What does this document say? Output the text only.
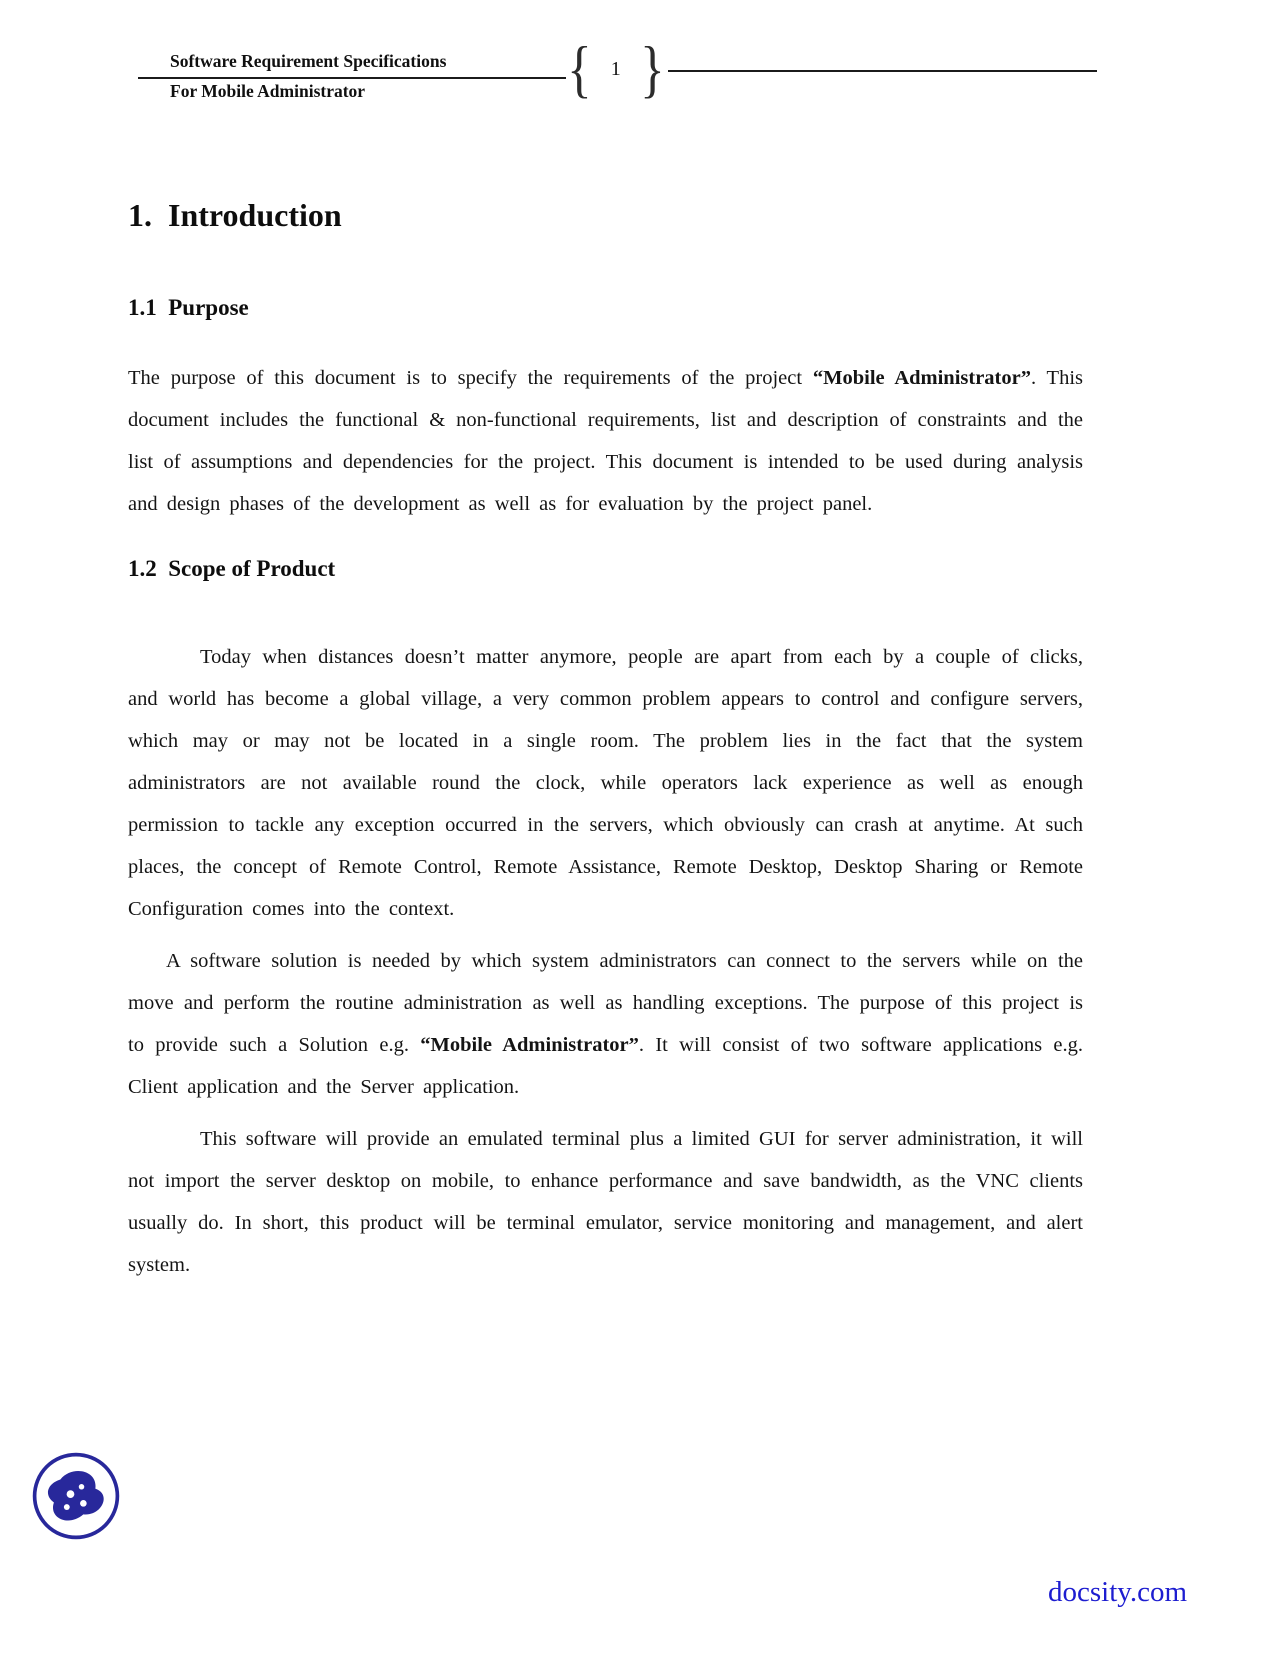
Software Requirement Specifications
For Mobile Administrator	{ 1 }
1.  Introduction
1.1  Purpose

The purpose of this document is to specify the requirements of the project “Mobile Administrator”. This document includes the functional & non-functional requirements, list and description of constraints and the list of assumptions and dependencies for the project. This document is intended to be used during analysis and design phases of the development as well as for evaluation by the project panel.

1.2  Scope of Product

Today when distances doesn’t matter anymore, people are apart from each by a couple of clicks, and world has become a global village, a very common problem appears to control and configure servers, which may or may not be located in a single room. The problem lies in the fact that the system administrators are not available round the clock, while operators lack experience as well as enough permission to tackle any exception occurred in the servers, which obviously can crash at anytime. At such places, the concept of Remote Control, Remote Assistance, Remote Desktop, Desktop Sharing or Remote Configuration comes into the context.

A software solution is needed by which system administrators can connect to the servers while on the move and perform the routine administration as well as handling exceptions. The purpose of this project is to provide such a Solution e.g. “Mobile Administrator”. It will consist of two software applications e.g. Client application and the Server application.

This software will provide an emulated terminal plus a limited GUI for server administration, it will not import the server desktop on mobile, to enhance performance and save bandwidth, as the VNC clients usually do. In short, this product will be terminal emulator, service monitoring and management, and alert system.

docsity.com
